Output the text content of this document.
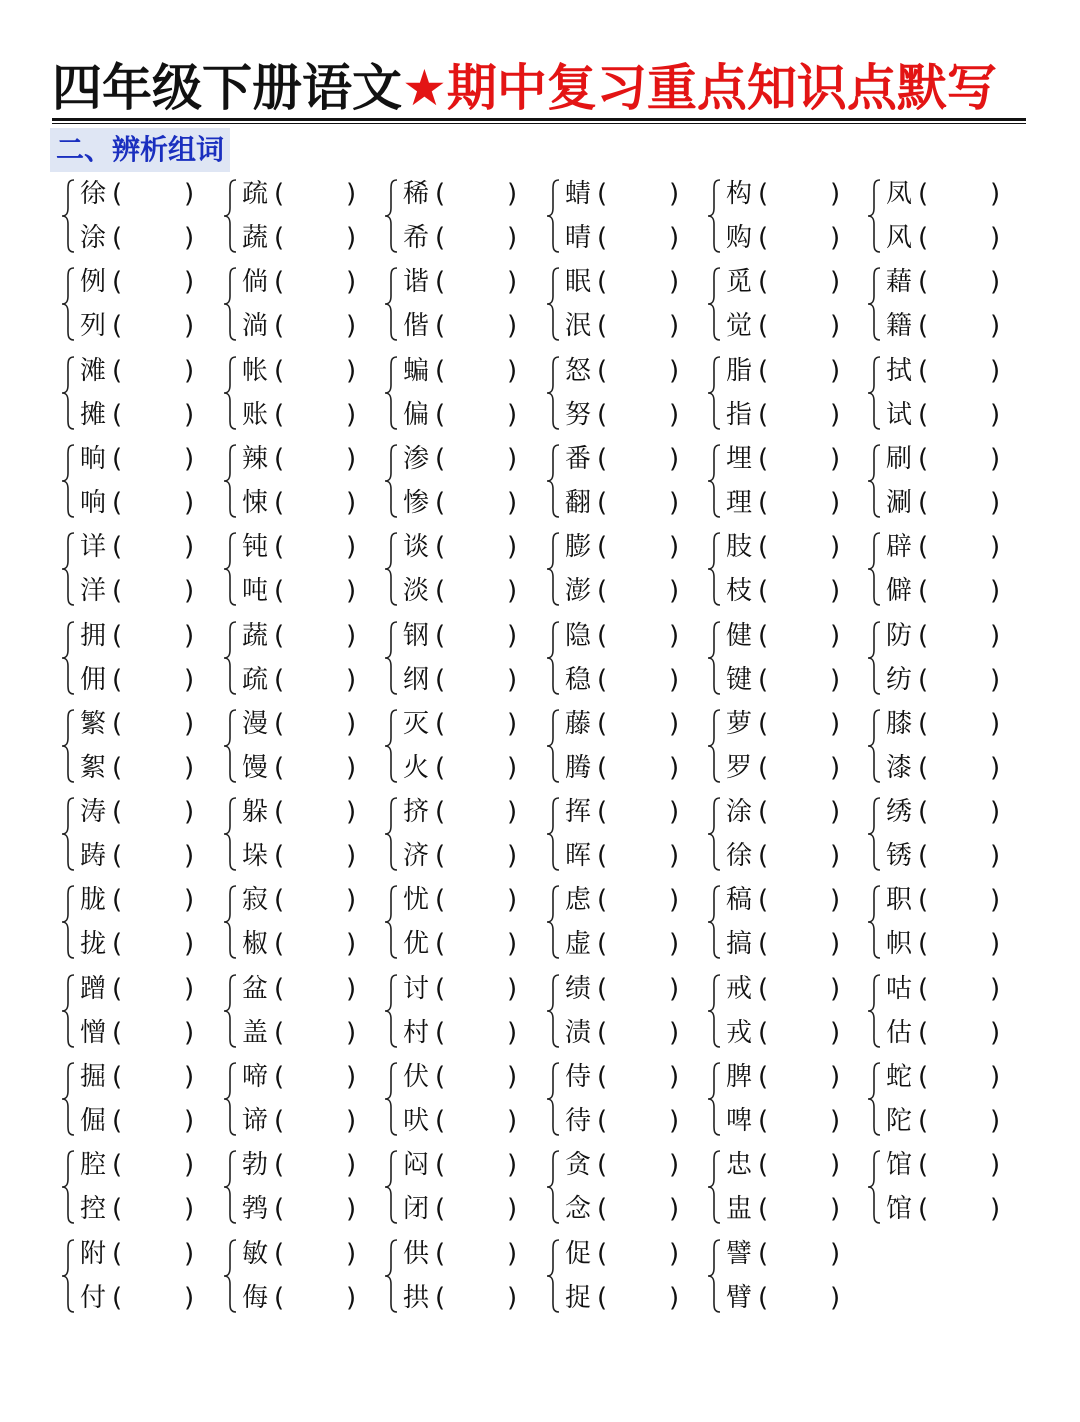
四年级下册语文★期中复习重点知识点默写
二、辨析组词
徐 ( )
涂 ( )
例 ( )
列 ( )
滩 ( )
摊 ( )
晌 ( )
响 ( )
详 ( )
洋 ( )
拥 ( )
佣 ( )
繁 ( )
絮 ( )
涛 ( )
踌 ( )
胧 ( )
拢 ( )
蹭 ( )
憎 ( )
掘 ( )
倔 ( )
腔 ( )
控 ( )
附 ( )
付 ( )
疏 ( )
蔬 ( )
倘 ( )
淌 ( )
帐 ( )
账 ( )
辣 ( )
悚 ( )
钝 ( )
吨 ( )
蔬 ( )
疏 ( )
漫 ( )
馒 ( )
躲 ( )
垛 ( )
寂 ( )
椒 ( )
盆 ( )
盖 ( )
啼 ( )
谛 ( )
勃 ( )
鹁 ( )
敏 ( )
侮 ( )
稀 ( )
希 ( )
谐 ( )
偕 ( )
蝙 ( )
偏 ( )
渗 ( )
惨 ( )
谈 ( )
淡 ( )
钢 ( )
纲 ( )
灭 ( )
火 ( )
挤 ( )
济 ( )
忧 ( )
优 ( )
讨 ( )
村 ( )
伏 ( )
吠 ( )
闷 ( )
闭 ( )
供 ( )
拱 ( )
蜻 ( )
晴 ( )
眠 ( )
泯 ( )
怒 ( )
努 ( )
番 ( )
翻 ( )
膨 ( )
澎 ( )
隐 ( )
稳 ( )
藤 ( )
腾 ( )
挥 ( )
晖 ( )
虑 ( )
虚 ( )
绩 ( )
渍 ( )
侍 ( )
待 ( )
贪 ( )
念 ( )
促 ( )
捉 ( )
构 ( )
购 ( )
觅 ( )
觉 ( )
脂 ( )
指 ( )
埋 ( )
理 ( )
肢 ( )
枝 ( )
健 ( )
键 ( )
萝 ( )
罗 ( )
涂 ( )
徐 ( )
稿 ( )
搞 ( )
戒 ( )
戎 ( )
脾 ( )
啤 ( )
忠 ( )
盅 ( )
譬 ( )
臂 ( )
凤 ( )
风 ( )
藉 ( )
籍 ( )
拭 ( )
试 ( )
刷 ( )
涮 ( )
辟 ( )
僻 ( )
防 ( )
纺 ( )
膝 ( )
漆 ( )
绣 ( )
锈 ( )
职 ( )
帜 ( )
咕 ( )
估 ( )
蛇 ( )
陀 ( )
馆 ( )
馆 ( )
